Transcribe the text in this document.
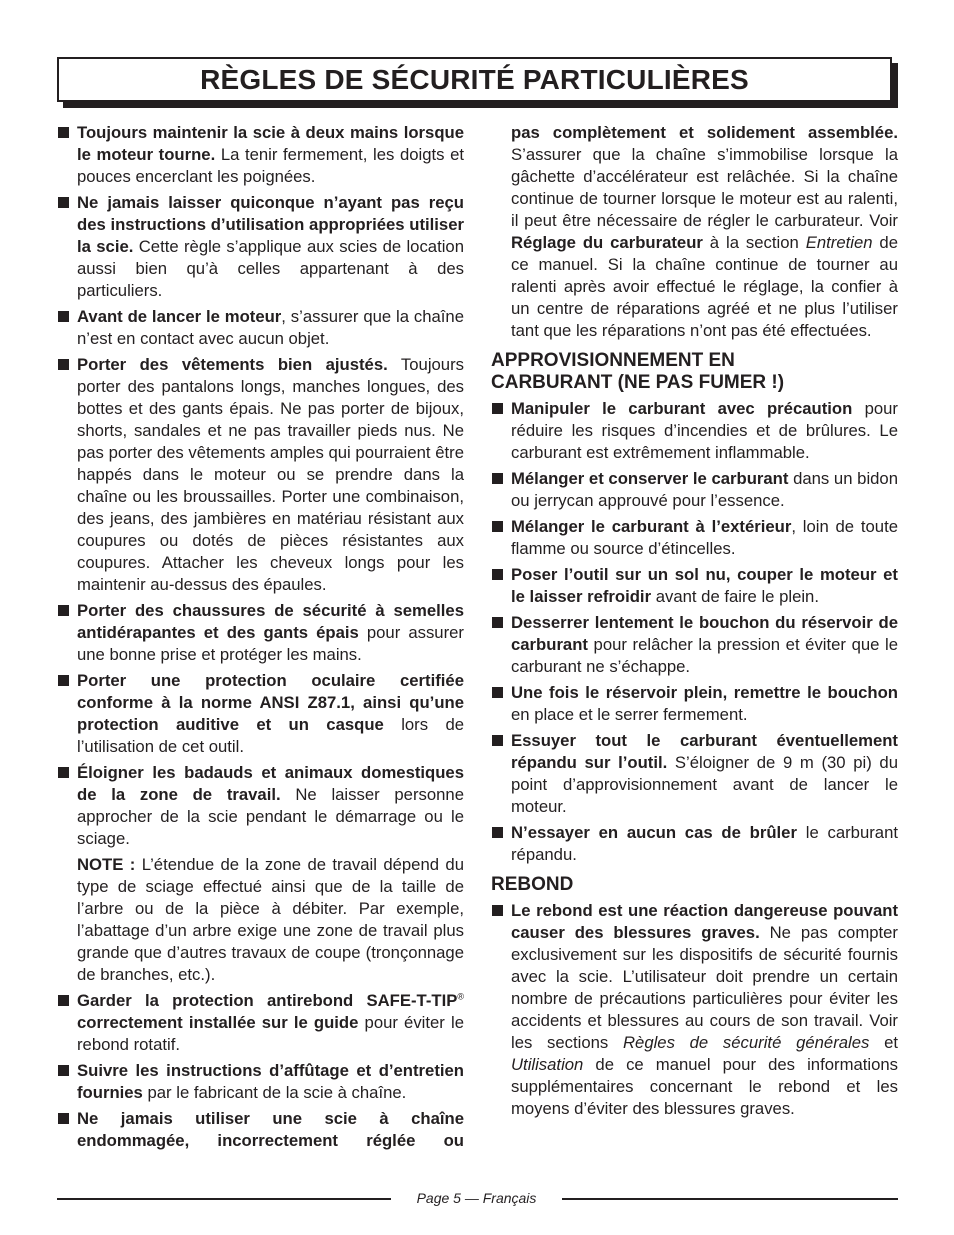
RÈGLES DE SÉCURITÉ PARTICULIÈRES
Toujours maintenir la scie à deux mains lorsque le moteur tourne. La tenir fermement, les doigts et pouces encerclant les poignées.
Ne jamais laisser quiconque n’ayant pas reçu des instructions d’utilisation appropriées utiliser la scie. Cette règle s’applique aux scies de location aussi bien qu’à celles appartenant à des particuliers.
Avant de lancer le moteur, s’assurer que la chaîne n’est en contact avec aucun objet.
Porter des vêtements bien ajustés. Toujours porter des pantalons longs, manches longues, des bottes et des gants épais. Ne pas porter de bijoux, shorts, sandales et ne pas travailler pieds nus. Ne pas porter des vêtements amples qui pourraient être happés dans le moteur ou se prendre dans la chaîne ou les broussailles. Porter une combinaison, des jeans, des jambières en matériau résistant aux coupures ou dotés de pièces résistantes aux coupures. Attacher les cheveux longs pour les maintenir au-dessus des épaules.
Porter des chaussures de sécurité à semelles antidérapantes et des gants épais pour assurer une bonne prise et protéger les mains.
Porter une protection oculaire certifiée conforme à la norme ANSI Z87.1, ainsi qu’une protection auditive et un casque lors de l’utilisation de cet outil.
Éloigner les badauds et animaux domestiques de la zone de travail. Ne laisser personne approcher de la scie pendant le démarrage ou le sciage.
NOTE : L’étendue de la zone de travail dépend du type de sciage effectué ainsi que de la taille de l’arbre ou de la pièce à débiter. Par exemple, l’abattage d’un arbre exige une zone de travail plus grande que d’autres travaux de coupe (tronçonnage de branches, etc.).
Garder la protection antirebond SAFE-T-TIP® correctement installée sur le guide pour éviter le rebond rotatif.
Suivre les instructions d’affûtage et d’entretien fournies par le fabricant de la scie à chaîne.
Ne jamais utiliser une scie à chaîne endommagée, incorrectement réglée ou
pas complètement et solidement assemblée. S’assurer que la chaîne s’immobilise lorsque la gâchette d’accélérateur est relâchée. Si la chaîne continue de tourner lorsque le moteur est au ralenti, il peut être nécessaire de régler le carburateur. Voir Réglage du carburateur à la section Entretien de ce manuel. Si la chaîne continue de tourner au ralenti après avoir effectué le réglage, la confier à un centre de réparations agréé et ne plus l’utiliser tant que les réparations n’ont pas été effectuées.
APPROVISIONNEMENT EN
CARBURANT (NE PAS FUMER !)
Manipuler le carburant avec précaution pour réduire les risques d’incendies et de brûlures. Le carburant est extrêmement inflammable.
Mélanger et conserver le carburant dans un bidon ou jerrycan approuvé pour l’essence.
Mélanger le carburant à l’extérieur, loin de toute flamme ou source d’étincelles.
Poser l’outil sur un sol nu, couper le moteur et le laisser refroidir avant de faire le plein.
Desserrer lentement le bouchon du réservoir de carburant pour relâcher la pression et éviter que le carburant ne s’échappe.
Une fois le réservoir plein, remettre le bouchon en place et le serrer fermement.
Essuyer tout le carburant éventuellement répandu sur l’outil. S’éloigner de 9 m (30 pi) du point d’approvisionnement avant de lancer le moteur.
N’essayer en aucun cas de brûler le carburant répandu.
REBOND
Le rebond est une réaction dangereuse pouvant causer des blessures graves. Ne pas compter exclusivement sur les dispositifs de sécurité fournis avec la scie. L’utilisateur doit prendre un certain nombre de précautions particulières pour éviter les accidents et blessures au cours de son travail. Voir les sections Règles de sécurité générales et Utilisation de ce manuel pour des informations supplémentaires concernant le rebond et les moyens d’éviter des blessures graves.
Page 5 — Français
